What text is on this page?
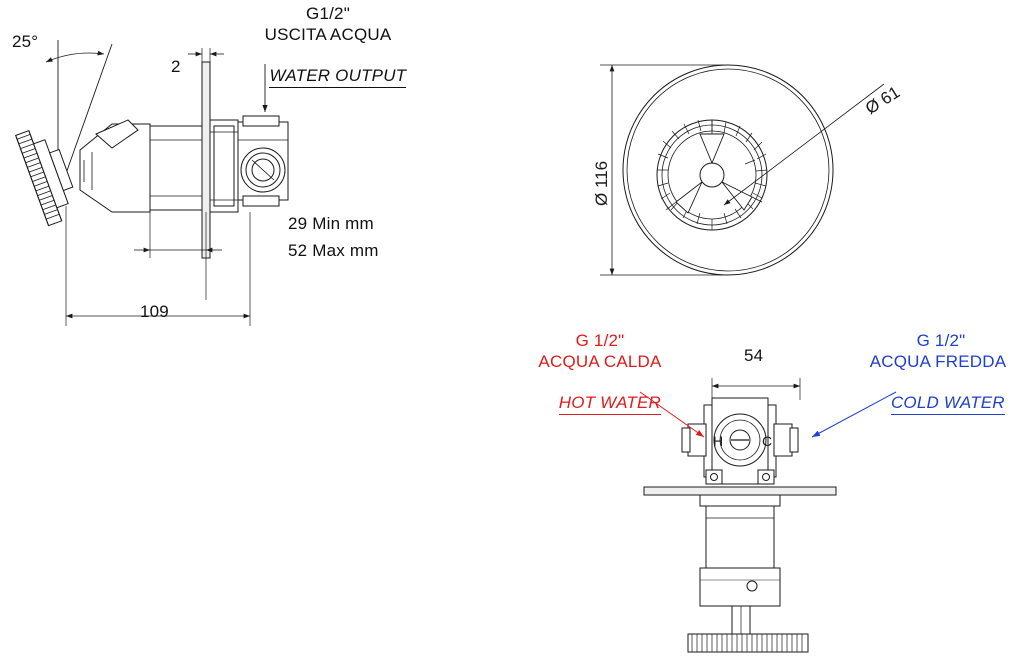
H	C
25°
2
G1/2"
USCITA ACQUA

WATER OUTPUT

29 Min mm
52 Max mm
109
Ø 116
Ø 61
G 1/2"
ACQUA CALDA

HOT WATER

G 1/2"
ACQUA FREDDA

COLD WATER

54
